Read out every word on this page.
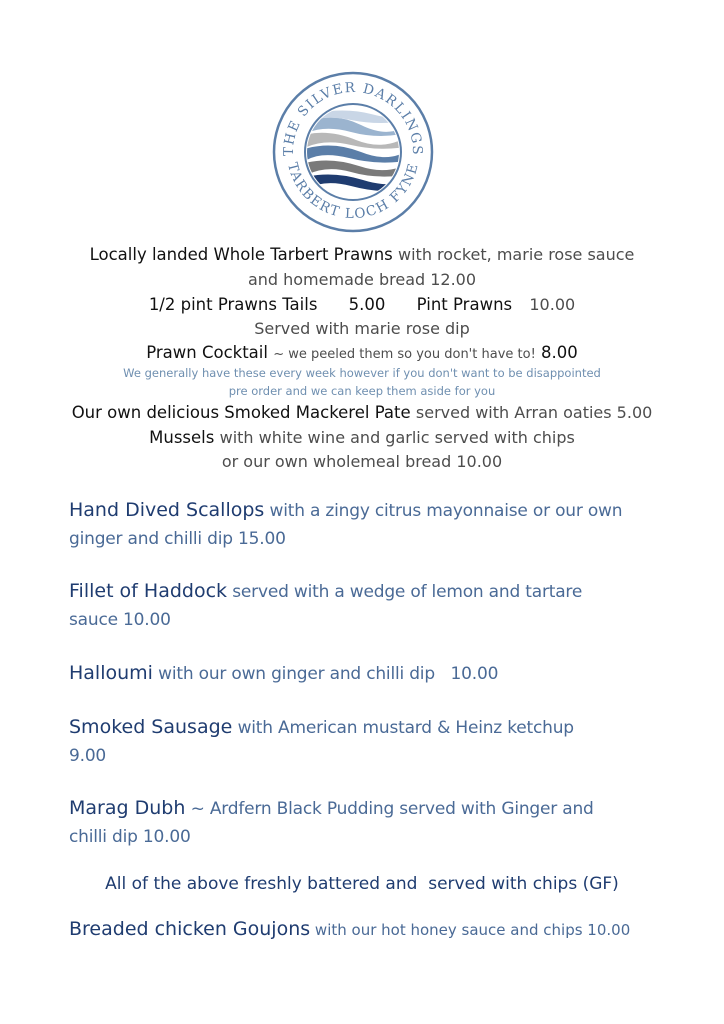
THE SILVER DARLINGS
TARBERT LOCH FYNE
Locally landed Whole Tarbert Prawns with rocket, marie rose sauce
and homemade bread 12.00
1/2 pint Prawns Tails 5.00 Pint Prawns 10.00
Served with marie rose dip
Prawn Cocktail ~ we peeled them so you don't have to! 8.00
We generally have these every week however if you don't want to be disappointed
pre order and we can keep them aside for you
Our own delicious Smoked Mackerel Pate served with Arran oaties 5.00
Mussels with white wine and garlic served with chips
or our own wholemeal bread 10.00
Hand Dived Scallops with a zingy citrus mayonnaise or our own
ginger and chilli dip 15.00
Fillet of Haddock served with a wedge of lemon and tartare
sauce 10.00
Halloumi with our own ginger and chilli dip   10.00
Smoked Sausage with American mustard & Heinz ketchup
9.00
Marag Dubh ~ Ardfern Black Pudding served with Ginger and
chilli dip 10.00
All of the above freshly battered and  served with chips (GF)
Breaded chicken Goujons with our hot honey sauce and chips 10.00
